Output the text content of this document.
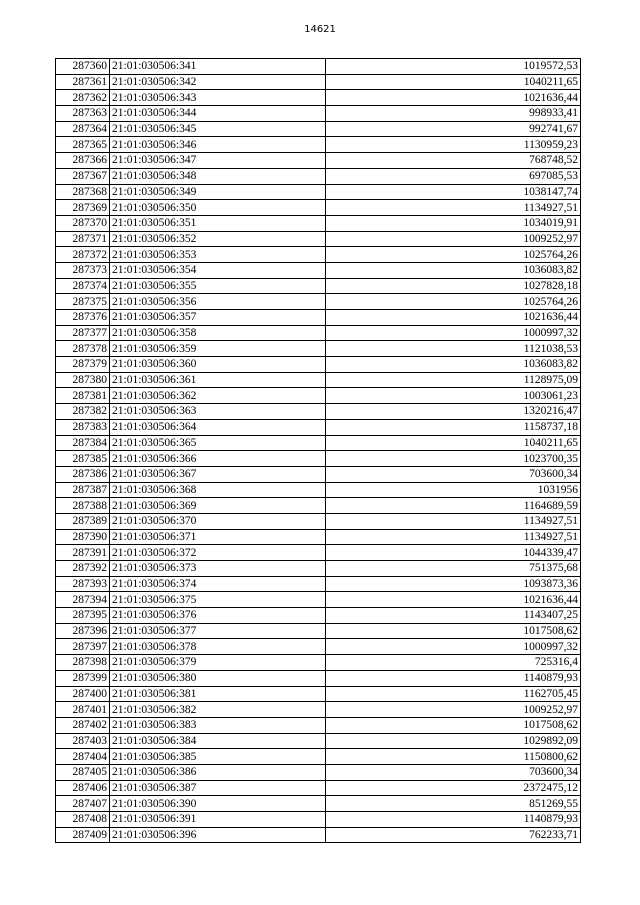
14621
287360	21:01:030506:341	1019572,53
287361	21:01:030506:342	1040211,65
287362	21:01:030506:343	1021636,44
287363	21:01:030506:344	998933,41
287364	21:01:030506:345	992741,67
287365	21:01:030506:346	1130959,23
287366	21:01:030506:347	768748,52
287367	21:01:030506:348	697085,53
287368	21:01:030506:349	1038147,74
287369	21:01:030506:350	1134927,51
287370	21:01:030506:351	1034019,91
287371	21:01:030506:352	1009252,97
287372	21:01:030506:353	1025764,26
287373	21:01:030506:354	1036083,82
287374	21:01:030506:355	1027828,18
287375	21:01:030506:356	1025764,26
287376	21:01:030506:357	1021636,44
287377	21:01:030506:358	1000997,32
287378	21:01:030506:359	1121038,53
287379	21:01:030506:360	1036083,82
287380	21:01:030506:361	1128975,09
287381	21:01:030506:362	1003061,23
287382	21:01:030506:363	1320216,47
287383	21:01:030506:364	1158737,18
287384	21:01:030506:365	1040211,65
287385	21:01:030506:366	1023700,35
287386	21:01:030506:367	703600,34
287387	21:01:030506:368	1031956
287388	21:01:030506:369	1164689,59
287389	21:01:030506:370	1134927,51
287390	21:01:030506:371	1134927,51
287391	21:01:030506:372	1044339,47
287392	21:01:030506:373	751375,68
287393	21:01:030506:374	1093873,36
287394	21:01:030506:375	1021636,44
287395	21:01:030506:376	1143407,25
287396	21:01:030506:377	1017508,62
287397	21:01:030506:378	1000997,32
287398	21:01:030506:379	725316,4
287399	21:01:030506:380	1140879,93
287400	21:01:030506:381	1162705,45
287401	21:01:030506:382	1009252,97
287402	21:01:030506:383	1017508,62
287403	21:01:030506:384	1029892,09
287404	21:01:030506:385	1150800,62
287405	21:01:030506:386	703600,34
287406	21:01:030506:387	2372475,12
287407	21:01:030506:390	851269,55
287408	21:01:030506:391	1140879,93
287409	21:01:030506:396	762233,71
